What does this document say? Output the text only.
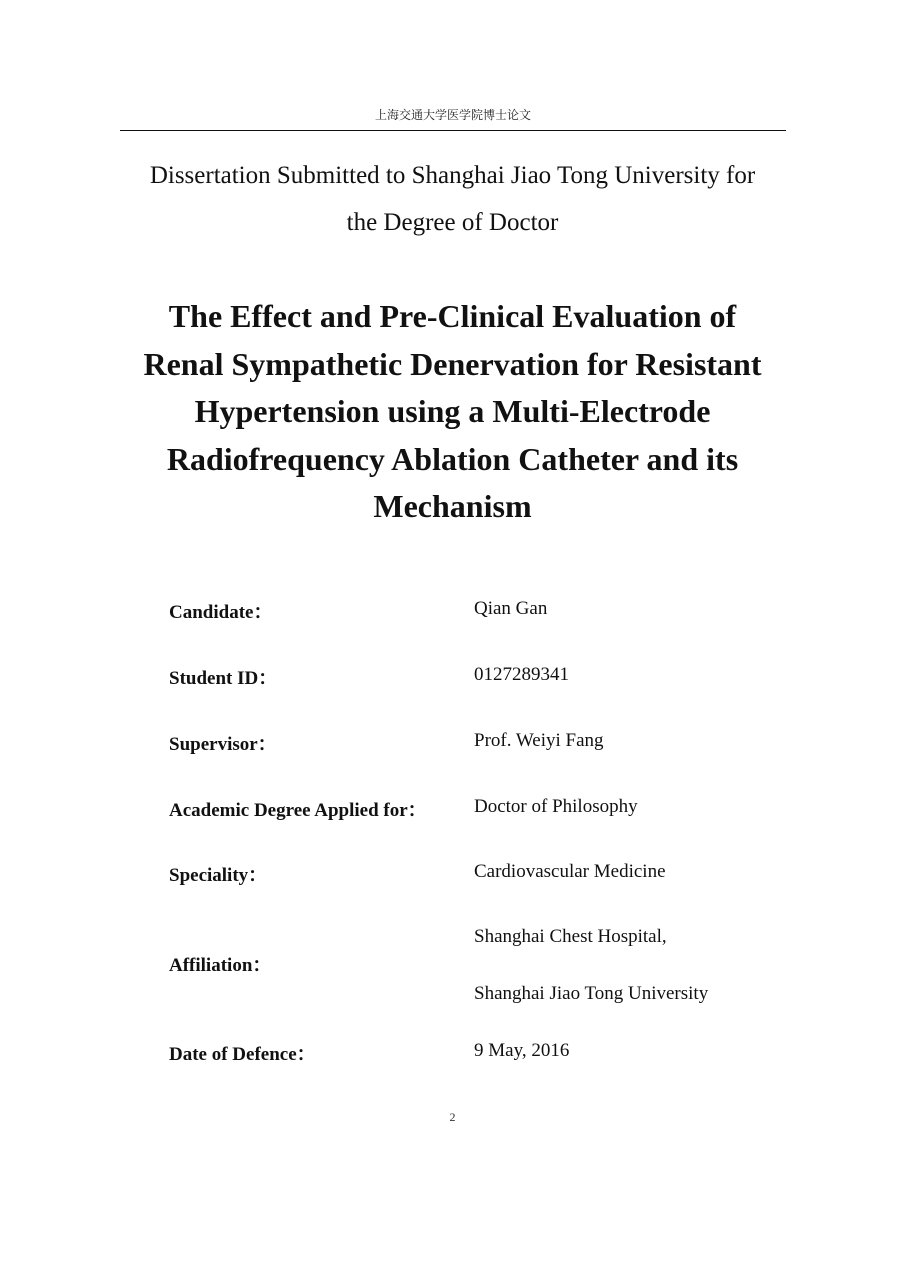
上海交通大学医学院博士论文
Dissertation Submitted to Shanghai Jiao Tong University for
the Degree of Doctor
The Effect and Pre-Clinical Evaluation of
Renal Sympathetic Denervation for Resistant
Hypertension using a Multi-Electrode
Radiofrequency Ablation Catheter and its
Mechanism
Candidate：	Qian Gan
Student ID：	0127289341
Supervisor：	Prof. Weiyi Fang
Academic Degree Applied for： Doctor of Philosophy
Speciality：	Cardiovascular Medicine
Affiliation：
Shanghai Chest Hospital,
Shanghai Jiao Tong University
Date of Defence：	9 May, 2016
2
